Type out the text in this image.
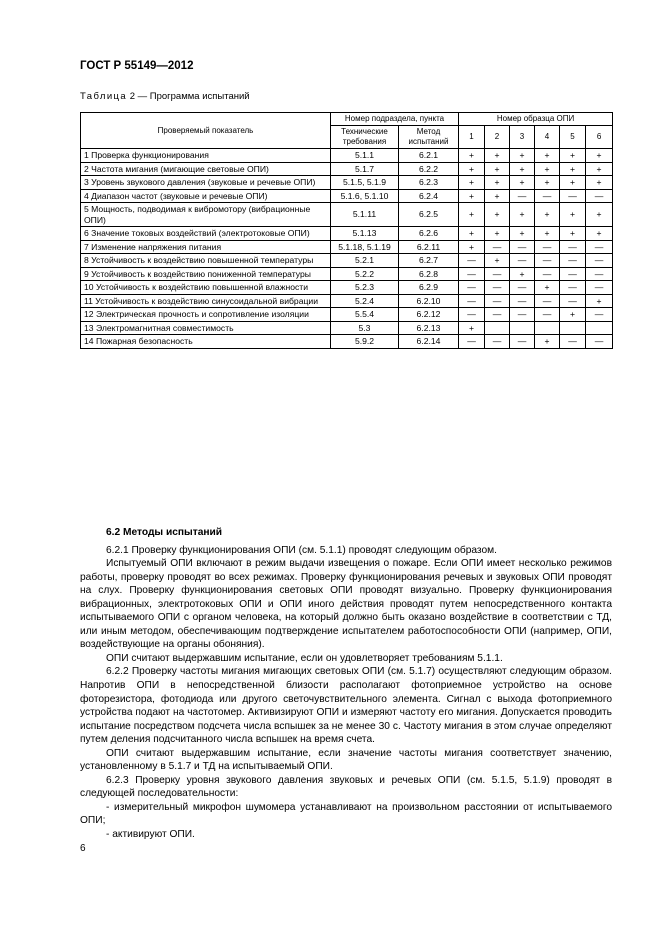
ГОСТ Р 55149—2012
Таблица 2 — Программа испытаний
Проверяемый показатель	Номер подраздела, пункта		Номер образца ОПИ					
	Технические требования	Метод испытаний	1	2	3	4	5	6
1 Проверка функционирования	5.1.1	6.2.1	+	+	+	+	+	+
2 Частота мигания (мигающие световые ОПИ)	5.1.7	6.2.2	+	+	+	+	+	+
3 Уровень звукового давления (звуковые и речевые ОПИ)	5.1.5, 5.1.9	6.2.3	+	+	+	+	+	+
4 Диапазон частот (звуковые и речевые ОПИ)	5.1.6, 5.1.10	6.2.4	+	+	—	—	—	—
5 Мощность, подводимая к вибромотору (вибрационные ОПИ)	5.1.11	6.2.5	+	+	+	+	+	+
6 Значение токовых воздействий (электротоковые ОПИ)	5.1.13	6.2.6	+	+	+	+	+	+
7 Изменение напряжения питания	5.1.18, 5.1.19	6.2.11	+	—	—	—	—	—
8 Устойчивость к воздействию повышенной температуры	5.2.1	6.2.7	—	+	—	—	—	—
9 Устойчивость к воздействию пониженной температуры	5.2.2	6.2.8	—	—	+	—	—	—
10 Устойчивость к воздействию повышенной влажности	5.2.3	6.2.9	—	—	—	+	—	—
11 Устойчивость к воздействию синусоидальной вибрации	5.2.4	6.2.10	—	—	—	—	—	+
12 Электрическая прочность и сопротивление изоляции	5.5.4	6.2.12	—	—	—	—	+	—
13 Электромагнитная совместимость	5.3	6.2.13	+					
14 Пожарная безопасность	5.9.2	6.2.14	—	—	—	+	—	—
6.2 Методы испытаний

6.2.1 Проверку функционирования ОПИ (см. 5.1.1) проводят следующим образом.

Испытуемый ОПИ включают в режим выдачи извещения о пожаре. Если ОПИ имеет несколько режимов работы, проверку проводят во всех режимах. Проверку функционирования речевых и звуковых ОПИ проводят на слух. Проверку функционирования световых ОПИ проводят визуально. Проверку функционирования вибрационных, электротоковых ОПИ и ОПИ иного действия проводят путем непосредственного контакта испытываемого ОПИ с органом человека, на который должно быть оказано воздействие в соответствии с ТД, или иным методом, обеспечивающим подтверждение испытателем работоспособности ОПИ (например, ОПИ, воздействующие на органы обоняния).

ОПИ считают выдержавшим испытание, если он удовлетворяет требованиям 5.1.1.

6.2.2 Проверку частоты мигания мигающих световых ОПИ (см. 5.1.7) осуществляют следующим образом. Напротив ОПИ в непосредственной близости располагают фотоприемное устройство на основе фоторезистора, фотодиода или другого светочувствительного элемента. Сигнал с выхода фотоприемного устройства подают на частотомер. Активизируют ОПИ и измеряют частоту его мигания. Допускается проводить испытание посредством подсчета числа вспышек за не менее 30 с. Частоту мигания в этом случае определяют путем деления подсчитанного числа вспышек на время счета.

ОПИ считают выдержавшим испытание, если значение частоты мигания соответствует значению, установленному в 5.1.7 и ТД на испытываемый ОПИ.

6.2.3 Проверку уровня звукового давления звуковых и речевых ОПИ (см. 5.1.5, 5.1.9) проводят в следующей последовательности:

- измерительный микрофон шумомера устанавливают на произвольном расстоянии от испытываемого ОПИ;

- активируют ОПИ.

6
